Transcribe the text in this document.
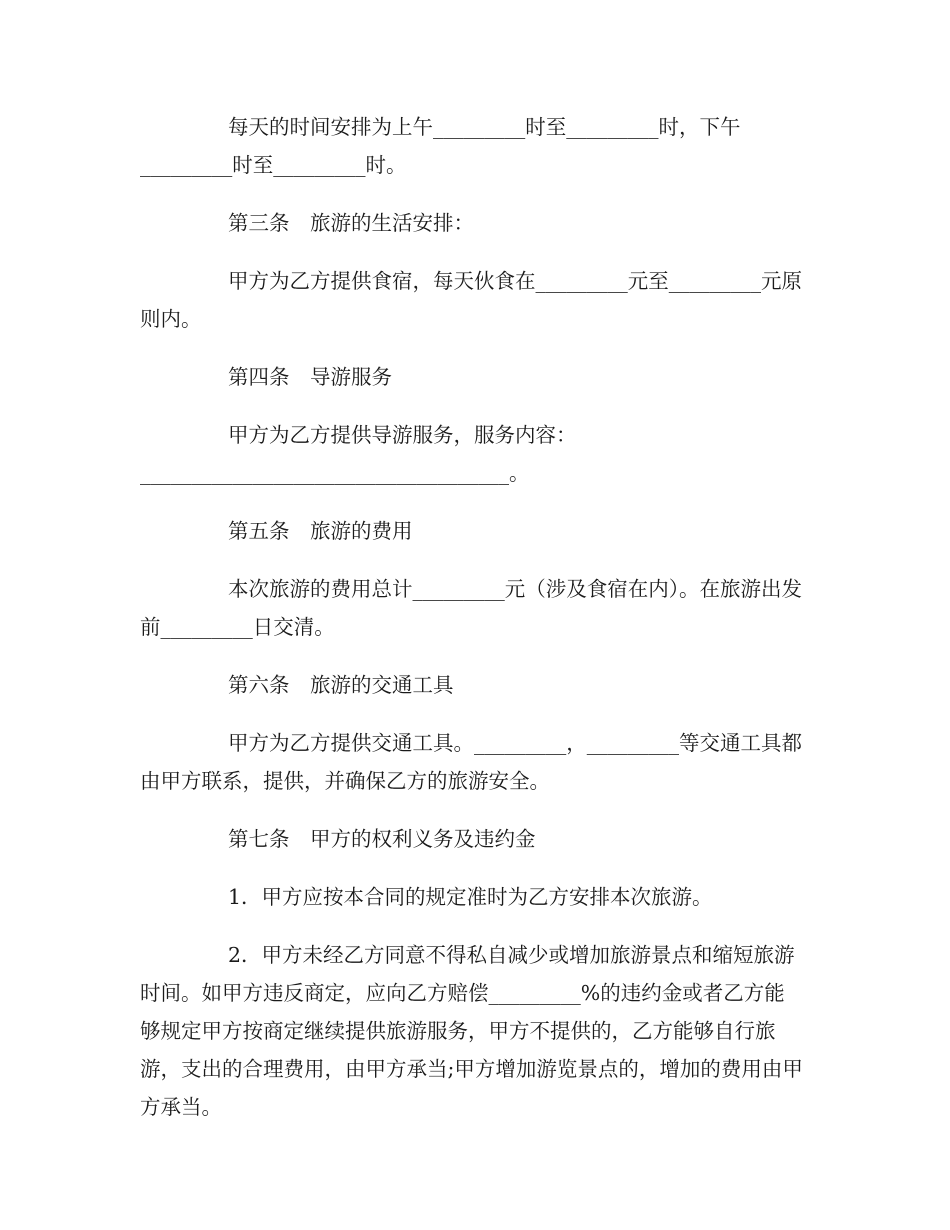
每天的时间安排为上午_________时至_________时，下午_________时至_________时。

第三条　旅游的生活安排：

甲方为乙方提供食宿，每天伙食在_________元至_________元原则内。

第四条　导游服务

甲方为乙方提供导游服务，服务内容：____________________________________。

第五条　旅游的费用

本次旅游的费用总计_________元（涉及食宿在内）。在旅游出发前_________日交清。

第六条　旅游的交通工具

甲方为乙方提供交通工具。_________，_________等交通工具都由甲方联系，提供，并确保乙方的旅游安全。

第七条　甲方的权利义务及违约金

1．甲方应按本合同的规定准时为乙方安排本次旅游。

2．甲方未经乙方同意不得私自减少或增加旅游景点和缩短旅游时间。如甲方违反商定，应向乙方赔偿_________%的违约金或者乙方能够规定甲方按商定继续提供旅游服务，甲方不提供的，乙方能够自行旅游，支出的合理费用，由甲方承当;甲方增加游览景点的，增加的费用由甲方承当。
